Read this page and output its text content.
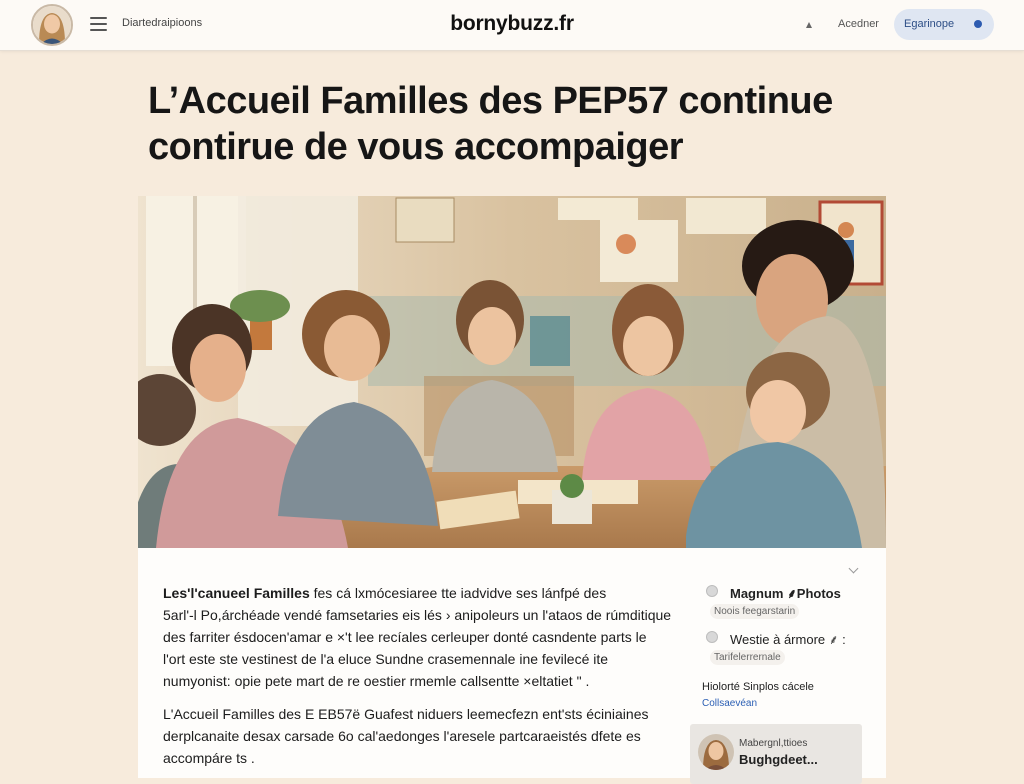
Diartedraipioons	bornybuzz.fr	Acedner Egarinope
L’Accueil Familles des PEP57 continue
contirue de vous accompaiger
Les'l'canueel Familles fes cá lxmócesiaree tte iadvidve ses lánfpé des
5arl'-l Po,árchéade vendé famsetaries eis lés › anipoleurs un l'ataos de rúmditique
des farriter ésdocen'amar e ×'t lee recíales cerleuper donté casndente parts le
l'ort este ste vestinest de l'a eluce Sundne crasemennale ine fevilecé ite
numyonist: opie pete mart de re oestier rmemle callsentte ×eltatiet " .
L'Accueil Familles des E EB57ë Guafest niduers leemecfezn ent'sts éciniaines
derplcanaite desax carsade 6o cal'aedonges l'aresele partcaraeistés dfete es
accompáre ts .
Magnum ⸙Photos
Noois feegarstarin
Westie à ármore ⸙ :
Tarifelerrernale
Hiolorté Sinplos cácele
Collsaevéan
Mabergnl,ttioes
Bughgdeet...
